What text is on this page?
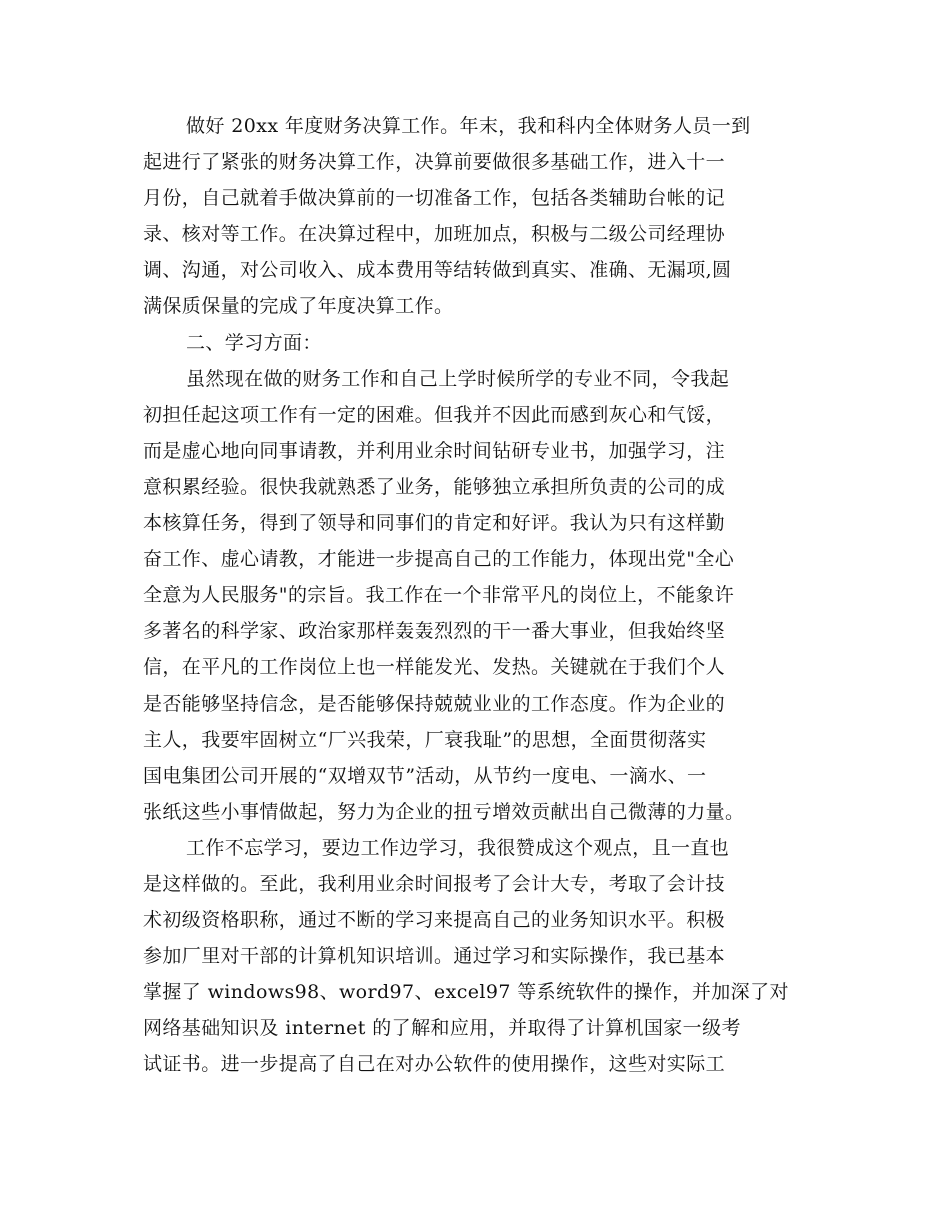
做好 20xx 年度财务决算工作。年末，我和科内全体财务人员一到
起进行了紧张的财务决算工作，决算前要做很多基础工作，进入十一
月份，自己就着手做决算前的一切准备工作，包括各类辅助台帐的记
录、核对等工作。在决算过程中，加班加点，积极与二级公司经理协
调、沟通，对公司收入、成本费用等结转做到真实、准确、无漏项,圆
满保质保量的完成了年度决算工作。
二、学习方面：
虽然现在做的财务工作和自己上学时候所学的专业不同，令我起
初担任起这项工作有一定的困难。但我并不因此而感到灰心和气馁，
而是虚心地向同事请教，并利用业余时间钻研专业书，加强学习，注
意积累经验。很快我就熟悉了业务，能够独立承担所负责的公司的成
本核算任务，得到了领导和同事们的肯定和好评。我认为只有这样勤
奋工作、虚心请教，才能进一步提高自己的工作能力，体现出党"全心
全意为人民服务"的宗旨。我工作在一个非常平凡的岗位上，不能象许
多著名的科学家、政治家那样轰轰烈烈的干一番大事业，但我始终坚
信，在平凡的工作岗位上也一样能发光、发热。关键就在于我们个人
是否能够坚持信念，是否能够保持兢兢业业的工作态度。作为企业的
主人，我要牢固树立“厂兴我荣，厂衰我耻”的思想，全面贯彻落实
国电集团公司开展的“双增双节”活动，从节约一度电、一滴水、一
张纸这些小事情做起，努力为企业的扭亏增效贡献出自己微薄的力量。
工作不忘学习，要边工作边学习，我很赞成这个观点，且一直也
是这样做的。至此，我利用业余时间报考了会计大专，考取了会计技
术初级资格职称，通过不断的学习来提高自己的业务知识水平。积极
参加厂里对干部的计算机知识培训。通过学习和实际操作，我已基本
掌握了 windows98、word97、excel97 等系统软件的操作，并加深了对
网络基础知识及 internet 的了解和应用，并取得了计算机国家一级考
试证书。进一步提高了自己在对办公软件的使用操作，这些对实际工
